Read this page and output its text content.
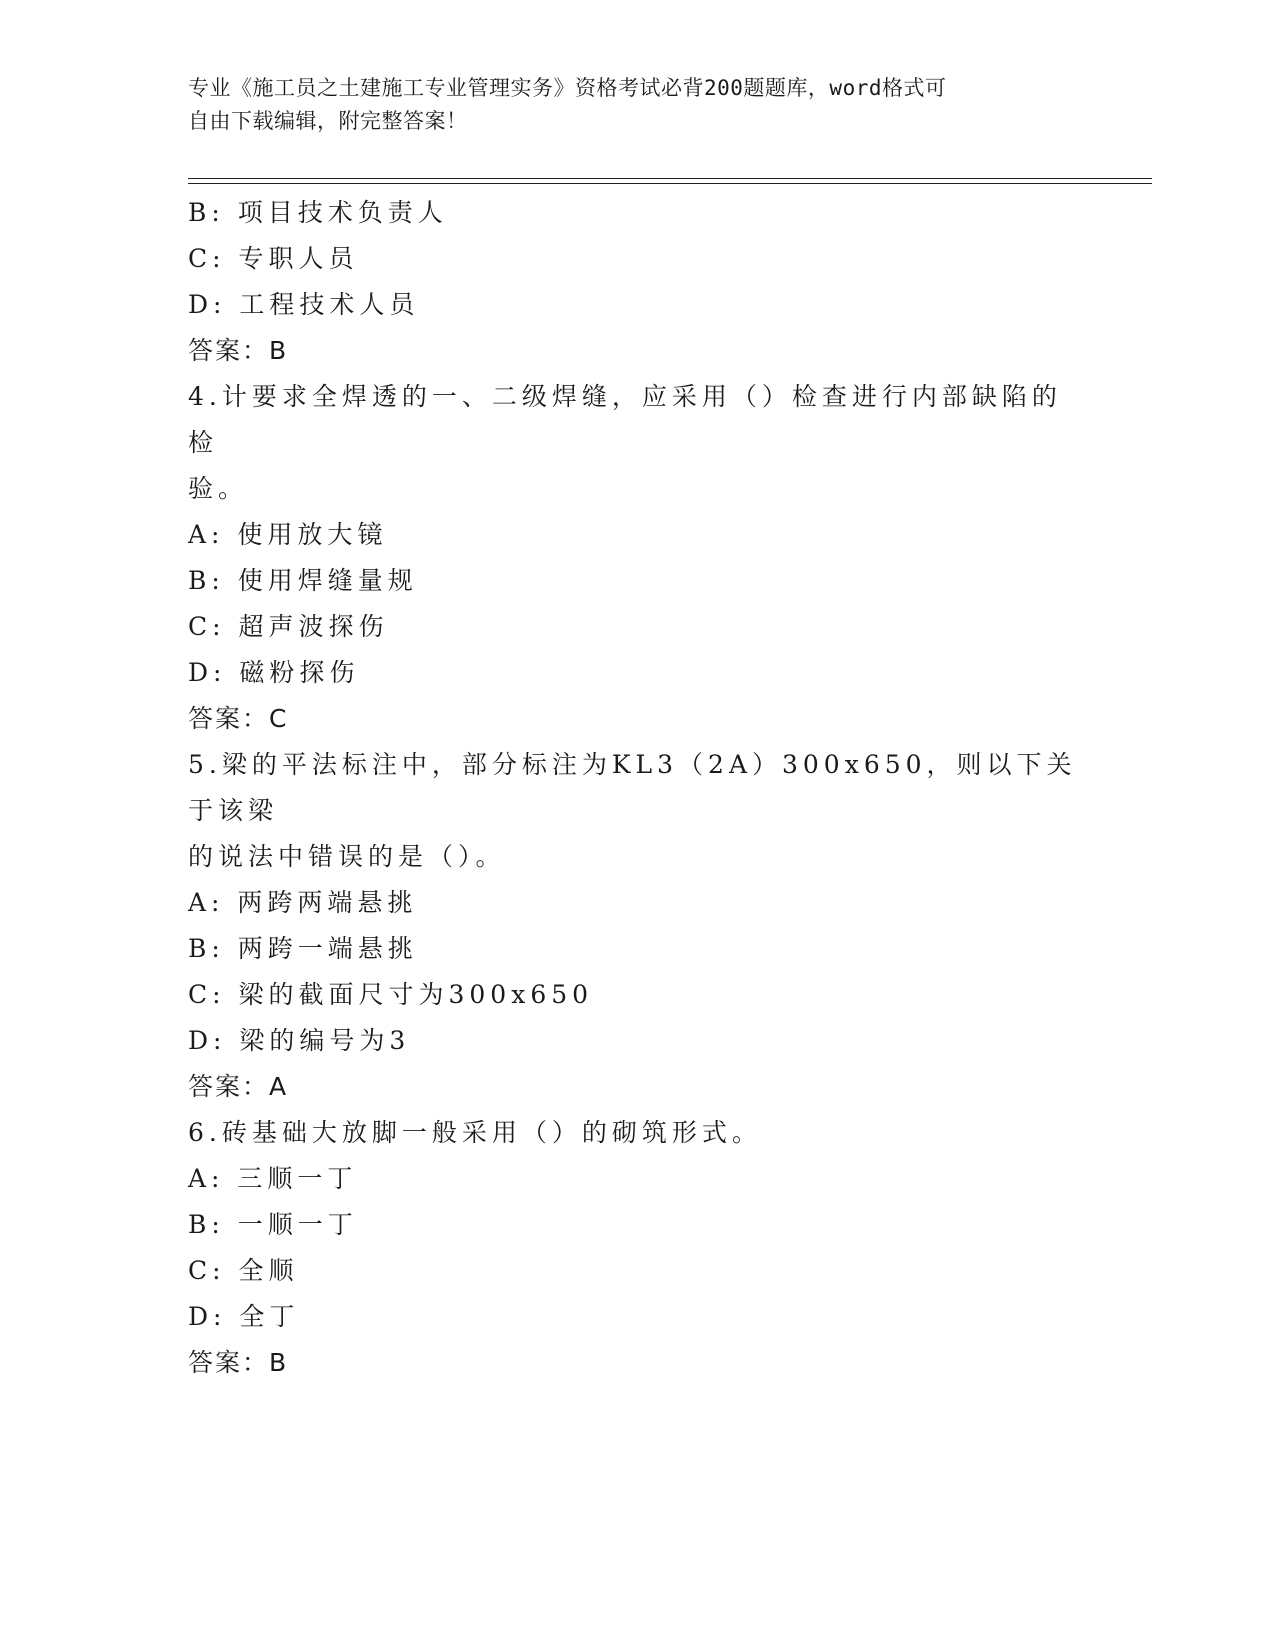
专业《施工员之土建施工专业管理实务》资格考试必背200题题库，word格式可
自由下载编辑，附完整答案！
B: 项目技术负责人
C: 专职人员
D: 工程技术人员
答案：B
4.计要求全焊透的一、二级焊缝，应采用（）检查进行内部缺陷的检
验。
A: 使用放大镜
B: 使用焊缝量规
C: 超声波探伤
D: 磁粉探伤
答案：C
5.梁的平法标注中，部分标注为KL3（2A）300x650，则以下关于该梁
的说法中错误的是（）。
A: 两跨两端悬挑
B: 两跨一端悬挑
C: 梁的截面尺寸为300x650
D: 梁的编号为3
答案：A
6.砖基础大放脚一般采用（）的砌筑形式。
A: 三顺一丁
B: 一顺一丁
C: 全顺
D: 全丁
答案：B
